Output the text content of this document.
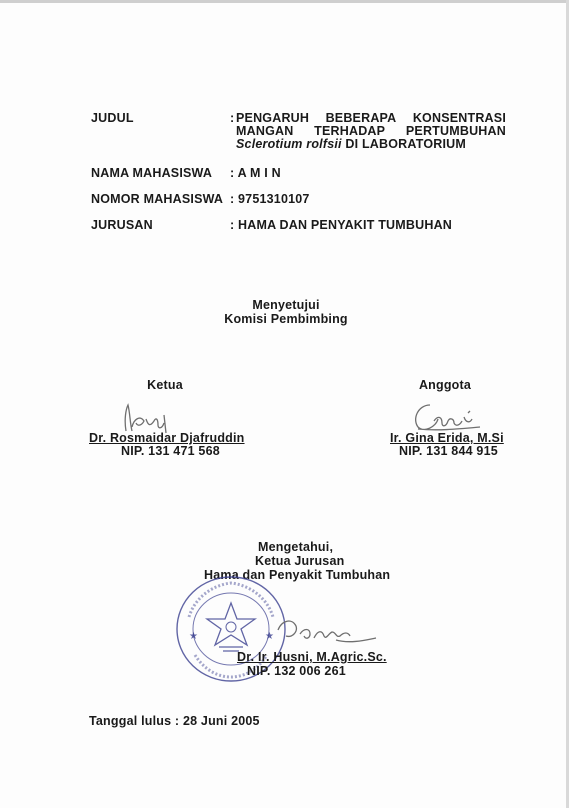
JUDUL	: PENGARUH BEBERAPA KONSENTRASI
MANGAN TERHADAP PERTUMBUHAN
Sclerotium rolfsii DI LABORATORIUM
NAMA MAHASISWA : A M I N
NOMOR MAHASISWA : 9751310107
JURUSAN	: HAMA DAN PENYAKIT TUMBUHAN
Menyetujui
Komisi Pembimbing
Ketua
Dr. Rosmaidar Djafruddin
NIP. 131 471 568
Anggota
Ir. Gina Erida, M.Si
NIP. 131 844 915
Mengetahui,
Ketua Jurusan
Hama dan Penyakit Tumbuhan
★	★
Dr. Ir. Husni, M.Agric.Sc.
NIP. 132 006 261
Tanggal lulus : 28 Juni 2005
